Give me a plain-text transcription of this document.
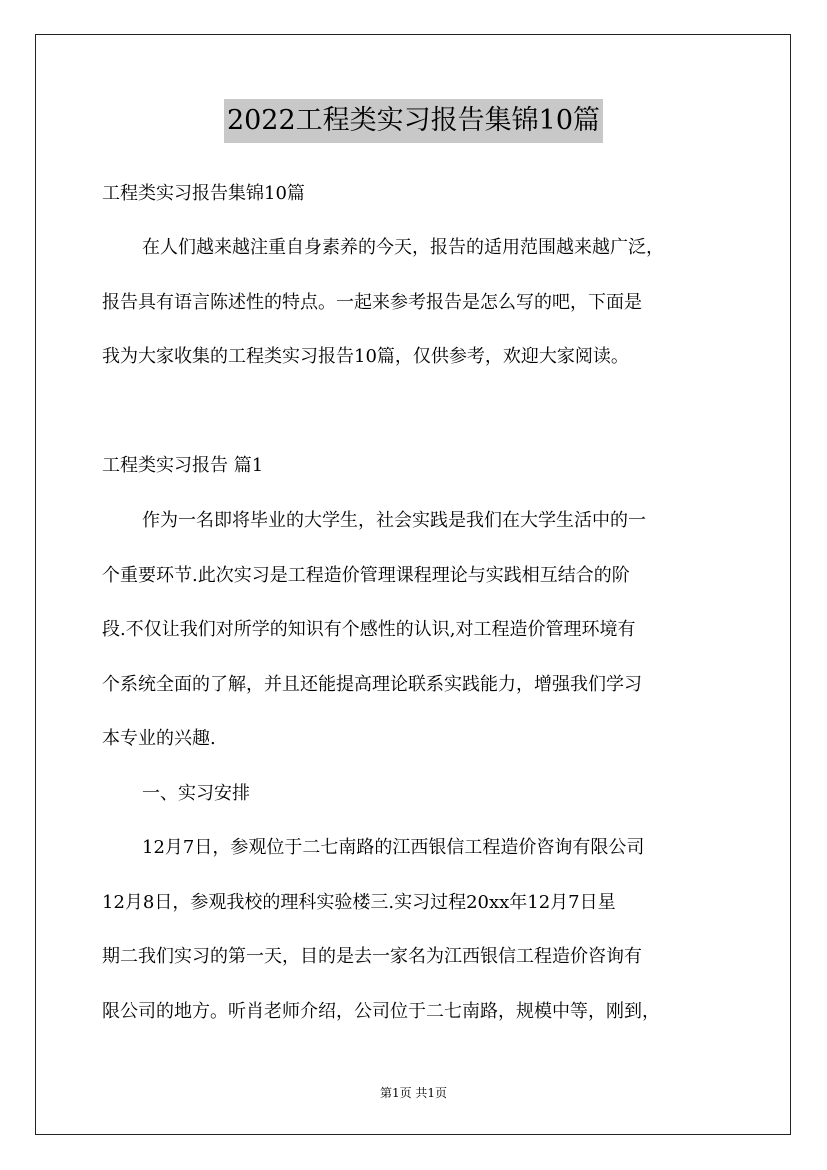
2022工程类实习报告集锦10篇
工程类实习报告集锦10篇
在人们越来越注重自身素养的今天，报告的适用范围越来越广泛，
报告具有语言陈述性的特点。一起来参考报告是怎么写的吧，下面是
我为大家收集的工程类实习报告10篇，仅供参考，欢迎大家阅读。
工程类实习报告 篇1
作为一名即将毕业的大学生，社会实践是我们在大学生活中的一
个重要环节.此次实习是工程造价管理课程理论与实践相互结合的阶
段.不仅让我们对所学的知识有个感性的认识,对工程造价管理环境有
个系统全面的了解，并且还能提高理论联系实践能力，增强我们学习
本专业的兴趣.
一、实习安排
12月7日，参观位于二七南路的江西银信工程造价咨询有限公司
12月8日，参观我校的理科实验楼三.实习过程20xx年12月7日星
期二我们实习的第一天，目的是去一家名为江西银信工程造价咨询有
限公司的地方。听肖老师介绍，公司位于二七南路，规模中等，刚到，
第1页 共1页
